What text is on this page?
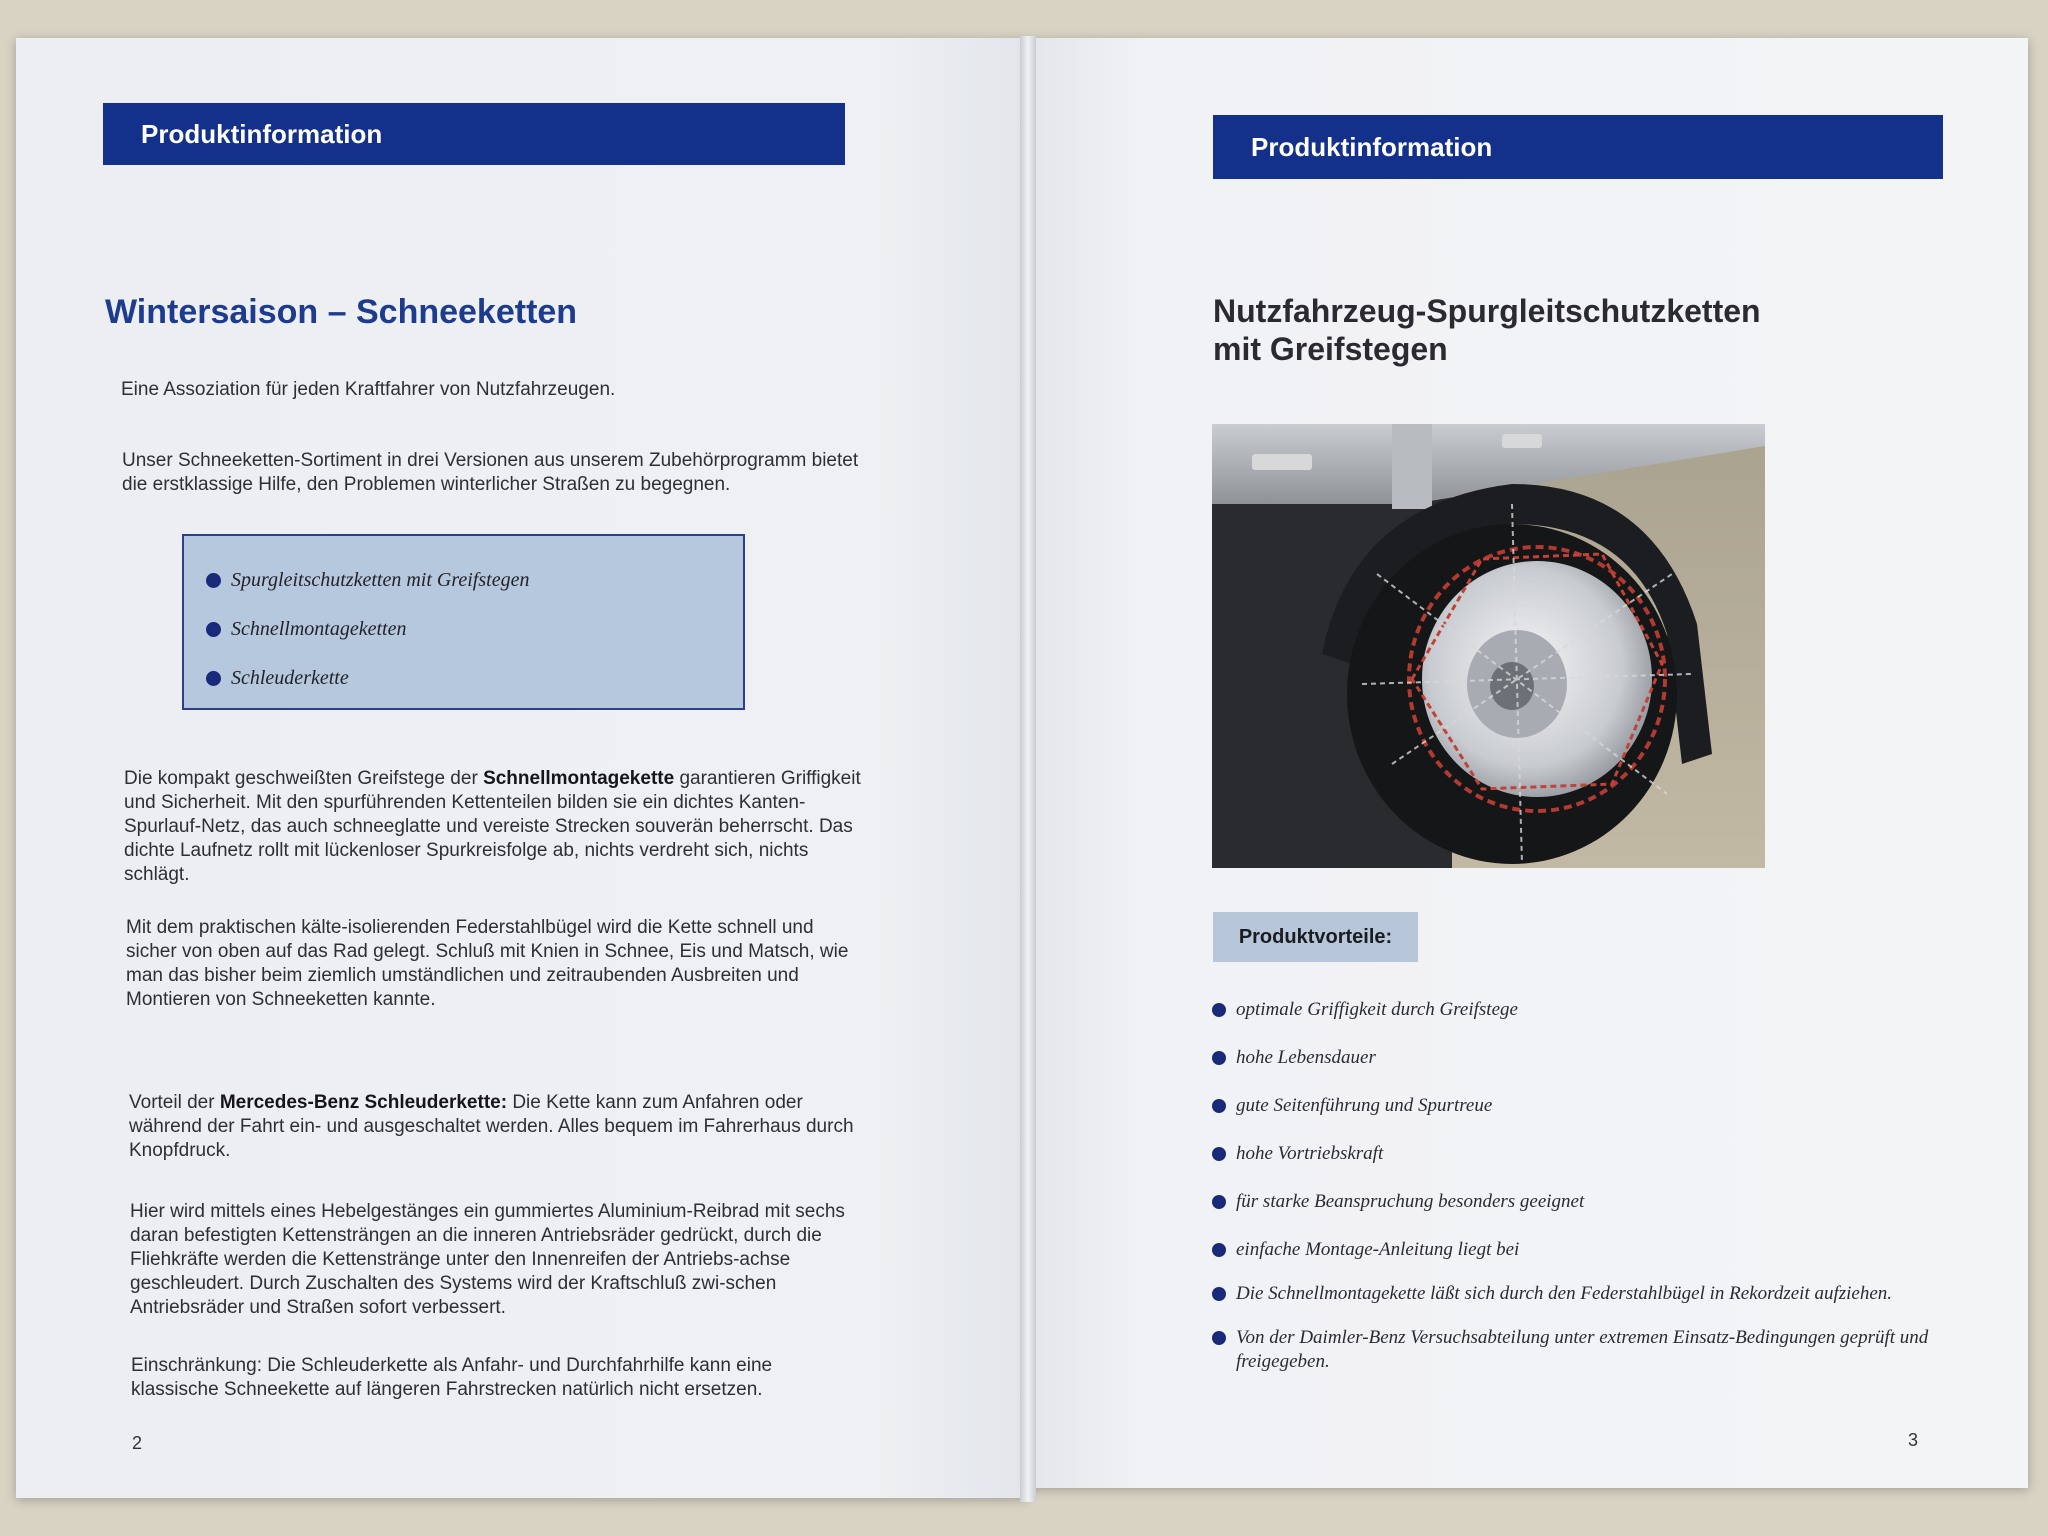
Produktinformation
Wintersaison – Schneeketten
Eine Assoziation für jeden Kraftfahrer von Nutzfahrzeugen.
Unser Schneeketten-Sortiment in drei Versionen aus unserem Zubehörprogramm bietet die erstklassige Hilfe, den Problemen winterlicher Straßen zu begegnen.
Spurgleitschutzketten mit Greifstegen
Schnellmontageketten
Schleuderkette
Die kompakt geschweißten Greifstege der Schnellmontagekette garantieren Griffigkeit und Sicherheit. Mit den spurführenden Kettenteilen bilden sie ein dichtes Kanten-Spurlauf-Netz, das auch schneeglatte und vereiste Strecken souverän beherrscht. Das dichte Laufnetz rollt mit lückenloser Spurkreisfolge ab, nichts verdreht sich, nichts schlägt.
Mit dem praktischen kälte-isolierenden Federstahlbügel wird die Kette schnell und sicher von oben auf das Rad gelegt. Schluß mit Knien in Schnee, Eis und Matsch, wie man das bisher beim ziemlich umständlichen und zeitraubenden Ausbreiten und Montieren von Schneeketten kannte.
Vorteil der Mercedes-Benz Schleuderkette: Die Kette kann zum Anfahren oder während der Fahrt ein- und ausgeschaltet werden. Alles bequem im Fahrerhaus durch Knopfdruck.
Hier wird mittels eines Hebelgestänges ein gummiertes Aluminium-Reibrad mit sechs daran befestigten Kettensträngen an die inneren Antriebsräder gedrückt, durch die Fliehkräfte werden die Kettenstränge unter den Innenreifen der Antriebs-achse geschleudert. Durch Zuschalten des Systems wird der Kraftschluß zwi-schen Antriebsräder und Straßen sofort verbessert.
Einschränkung: Die Schleuderkette als Anfahr- und Durchfahrhilfe kann eine klassische Schneekette auf längeren Fahrstrecken natürlich nicht ersetzen.
2
Produktinformation
Nutzfahrzeug-Spurgleitschutzketten
mit Greifstegen
Produktvorteile:
optimale Griffigkeit durch Greifstege
hohe Lebensdauer
gute Seitenführung und Spurtreue
hohe Vortriebskraft
für starke Beanspruchung besonders geeignet
einfache Montage-Anleitung liegt bei
Die Schnellmontagekette läßt sich durch den Federstahlbügel in Rekordzeit aufziehen.
Von der Daimler-Benz Versuchsabteilung unter extremen Einsatz-Bedingungen geprüft und freigegeben.
3
